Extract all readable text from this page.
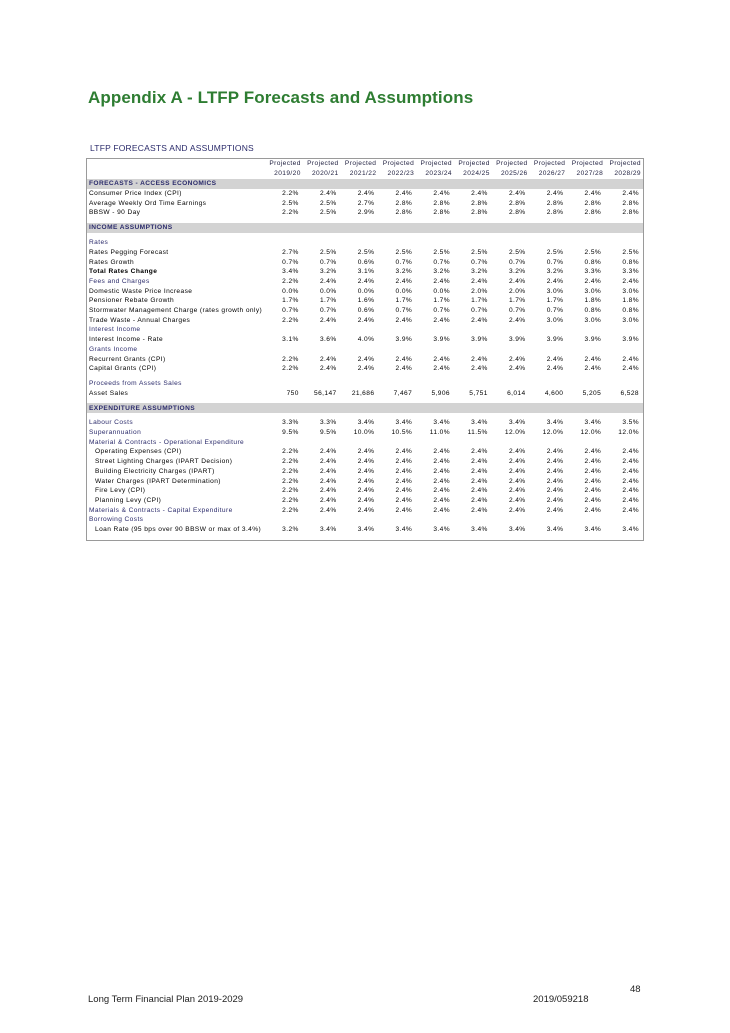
Appendix A - LTFP Forecasts and Assumptions
LTFP FORECASTS AND ASSUMPTIONS
	Projected	Projected	Projected	Projected	Projected	Projected	Projected	Projected	Projected	Projected
	2019/20	2020/21	2021/22	2022/23	2023/24	2024/25	2025/26	2026/27	2027/28	2028/29
FORECASTS - ACCESS ECONOMICS										
Consumer Price Index (CPI)	2.2%	2.4%	2.4%	2.4%	2.4%	2.4%	2.4%	2.4%	2.4%	2.4%
Average Weekly Ord Time Earnings	2.5%	2.5%	2.7%	2.8%	2.8%	2.8%	2.8%	2.8%	2.8%	2.8%
BBSW - 90 Day	2.2%	2.5%	2.9%	2.8%	2.8%	2.8%	2.8%	2.8%	2.8%	2.8%

INCOME ASSUMPTIONS										

Rates										
Rates Pegging Forecast	2.7%	2.5%	2.5%	2.5%	2.5%	2.5%	2.5%	2.5%	2.5%	2.5%
Rates Growth	0.7%	0.7%	0.6%	0.7%	0.7%	0.7%	0.7%	0.7%	0.8%	0.8%
Total Rates Change	3.4%	3.2%	3.1%	3.2%	3.2%	3.2%	3.2%	3.2%	3.3%	3.3%
Fees and Charges	2.2%	2.4%	2.4%	2.4%	2.4%	2.4%	2.4%	2.4%	2.4%	2.4%
Domestic Waste Price Increase	0.0%	0.0%	0.0%	0.0%	0.0%	2.0%	2.0%	3.0%	3.0%	3.0%
Pensioner Rebate Growth	1.7%	1.7%	1.6%	1.7%	1.7%	1.7%	1.7%	1.7%	1.8%	1.8%
Stormwater Management Charge (rates growth only)	0.7%	0.7%	0.6%	0.7%	0.7%	0.7%	0.7%	0.7%	0.8%	0.8%
Trade Waste - Annual Charges	2.2%	2.4%	2.4%	2.4%	2.4%	2.4%	2.4%	3.0%	3.0%	3.0%
Interest Income										
Interest Income - Rate	3.1%	3.6%	4.0%	3.9%	3.9%	3.9%	3.9%	3.9%	3.9%	3.9%
Grants Income										
Recurrent Grants (CPI)	2.2%	2.4%	2.4%	2.4%	2.4%	2.4%	2.4%	2.4%	2.4%	2.4%
Capital Grants (CPI)	2.2%	2.4%	2.4%	2.4%	2.4%	2.4%	2.4%	2.4%	2.4%	2.4%

Proceeds from Assets Sales										
Asset Sales	750	56,147	21,686	7,467	5,906	5,751	6,014	4,600	5,205	6,528

EXPENDITURE ASSUMPTIONS										

Labour Costs	3.3%	3.3%	3.4%	3.4%	3.4%	3.4%	3.4%	3.4%	3.4%	3.5%
Superannuation	9.5%	9.5%	10.0%	10.5%	11.0%	11.5%	12.0%	12.0%	12.0%	12.0%
Material & Contracts - Operational Expenditure										
Operating Expenses (CPI)	2.2%	2.4%	2.4%	2.4%	2.4%	2.4%	2.4%	2.4%	2.4%	2.4%
Street Lighting Charges (IPART Decision)	2.2%	2.4%	2.4%	2.4%	2.4%	2.4%	2.4%	2.4%	2.4%	2.4%
Building Electricity Charges (IPART)	2.2%	2.4%	2.4%	2.4%	2.4%	2.4%	2.4%	2.4%	2.4%	2.4%
Water Charges (IPART Determination)	2.2%	2.4%	2.4%	2.4%	2.4%	2.4%	2.4%	2.4%	2.4%	2.4%
Fire Levy (CPI)	2.2%	2.4%	2.4%	2.4%	2.4%	2.4%	2.4%	2.4%	2.4%	2.4%
Planning Levy (CPI)	2.2%	2.4%	2.4%	2.4%	2.4%	2.4%	2.4%	2.4%	2.4%	2.4%
Materials & Contracts - Capital Expenditure	2.2%	2.4%	2.4%	2.4%	2.4%	2.4%	2.4%	2.4%	2.4%	2.4%
Borrowing Costs										
Loan Rate (95 bps over 90 BBSW or max of 3.4%)	3.2%	3.4%	3.4%	3.4%	3.4%	3.4%	3.4%	3.4%	3.4%	3.4%

48
Long Term Financial Plan 2019-2029	2019/059218
